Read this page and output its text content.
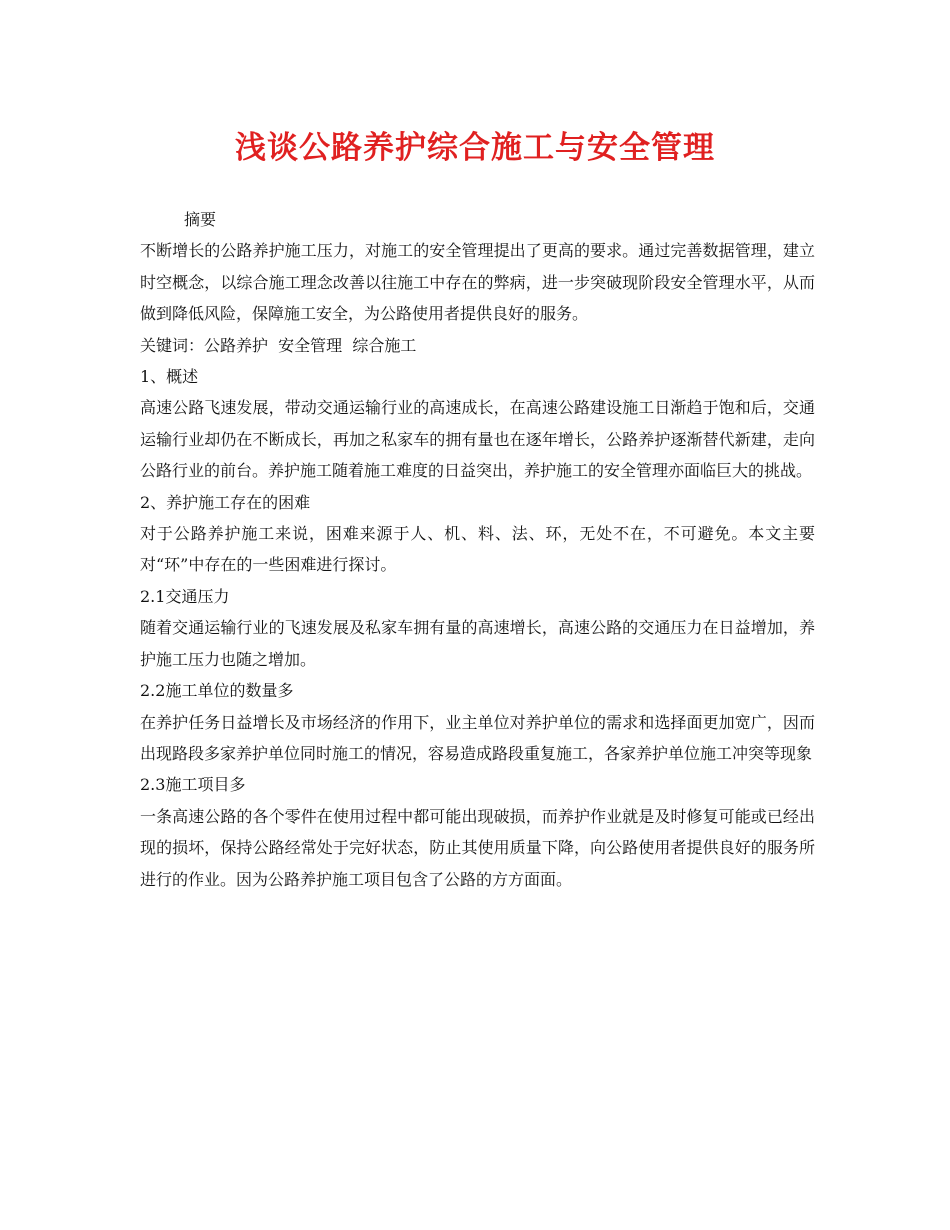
浅谈公路养护综合施工与安全管理

摘要

不断增长的公路养护施工压力，对施工的安全管理提出了更高的要求。通过完善数据管理，建立时空概念，以综合施工理念改善以往施工中存在的弊病，进一步突破现阶段安全管理水平，从而做到降低风险，保障施工安全，为公路使用者提供良好的服务。

关键词：公路养护  安全管理  综合施工

1、概述

高速公路飞速发展，带动交通运输行业的高速成长，在高速公路建设施工日渐趋于饱和后，交通运输行业却仍在不断成长，再加之私家车的拥有量也在逐年增长，公路养护逐渐替代新建，走向公路行业的前台。养护施工随着施工难度的日益突出，养护施工的安全管理亦面临巨大的挑战。

2、养护施工存在的困难

对于公路养护施工来说，困难来源于人、机、料、法、环，无处不在，不可避免。本文主要对“环”中存在的一些困难进行探讨。

2.1交通压力

随着交通运输行业的飞速发展及私家车拥有量的高速增长，高速公路的交通压力在日益增加，养护施工压力也随之增加。

2.2施工单位的数量多

在养护任务日益增长及市场经济的作用下，业主单位对养护单位的需求和选择面更加宽广，因而出现路段多家养护单位同时施工的情况，容易造成路段重复施工，各家养护单位施工冲突等现象

2.3施工项目多

一条高速公路的各个零件在使用过程中都可能出现破损，而养护作业就是及时修复可能或已经出现的损坏，保持公路经常处于完好状态，防止其使用质量下降，向公路使用者提供良好的服务所进行的作业。因为公路养护施工项目包含了公路的方方面面。
